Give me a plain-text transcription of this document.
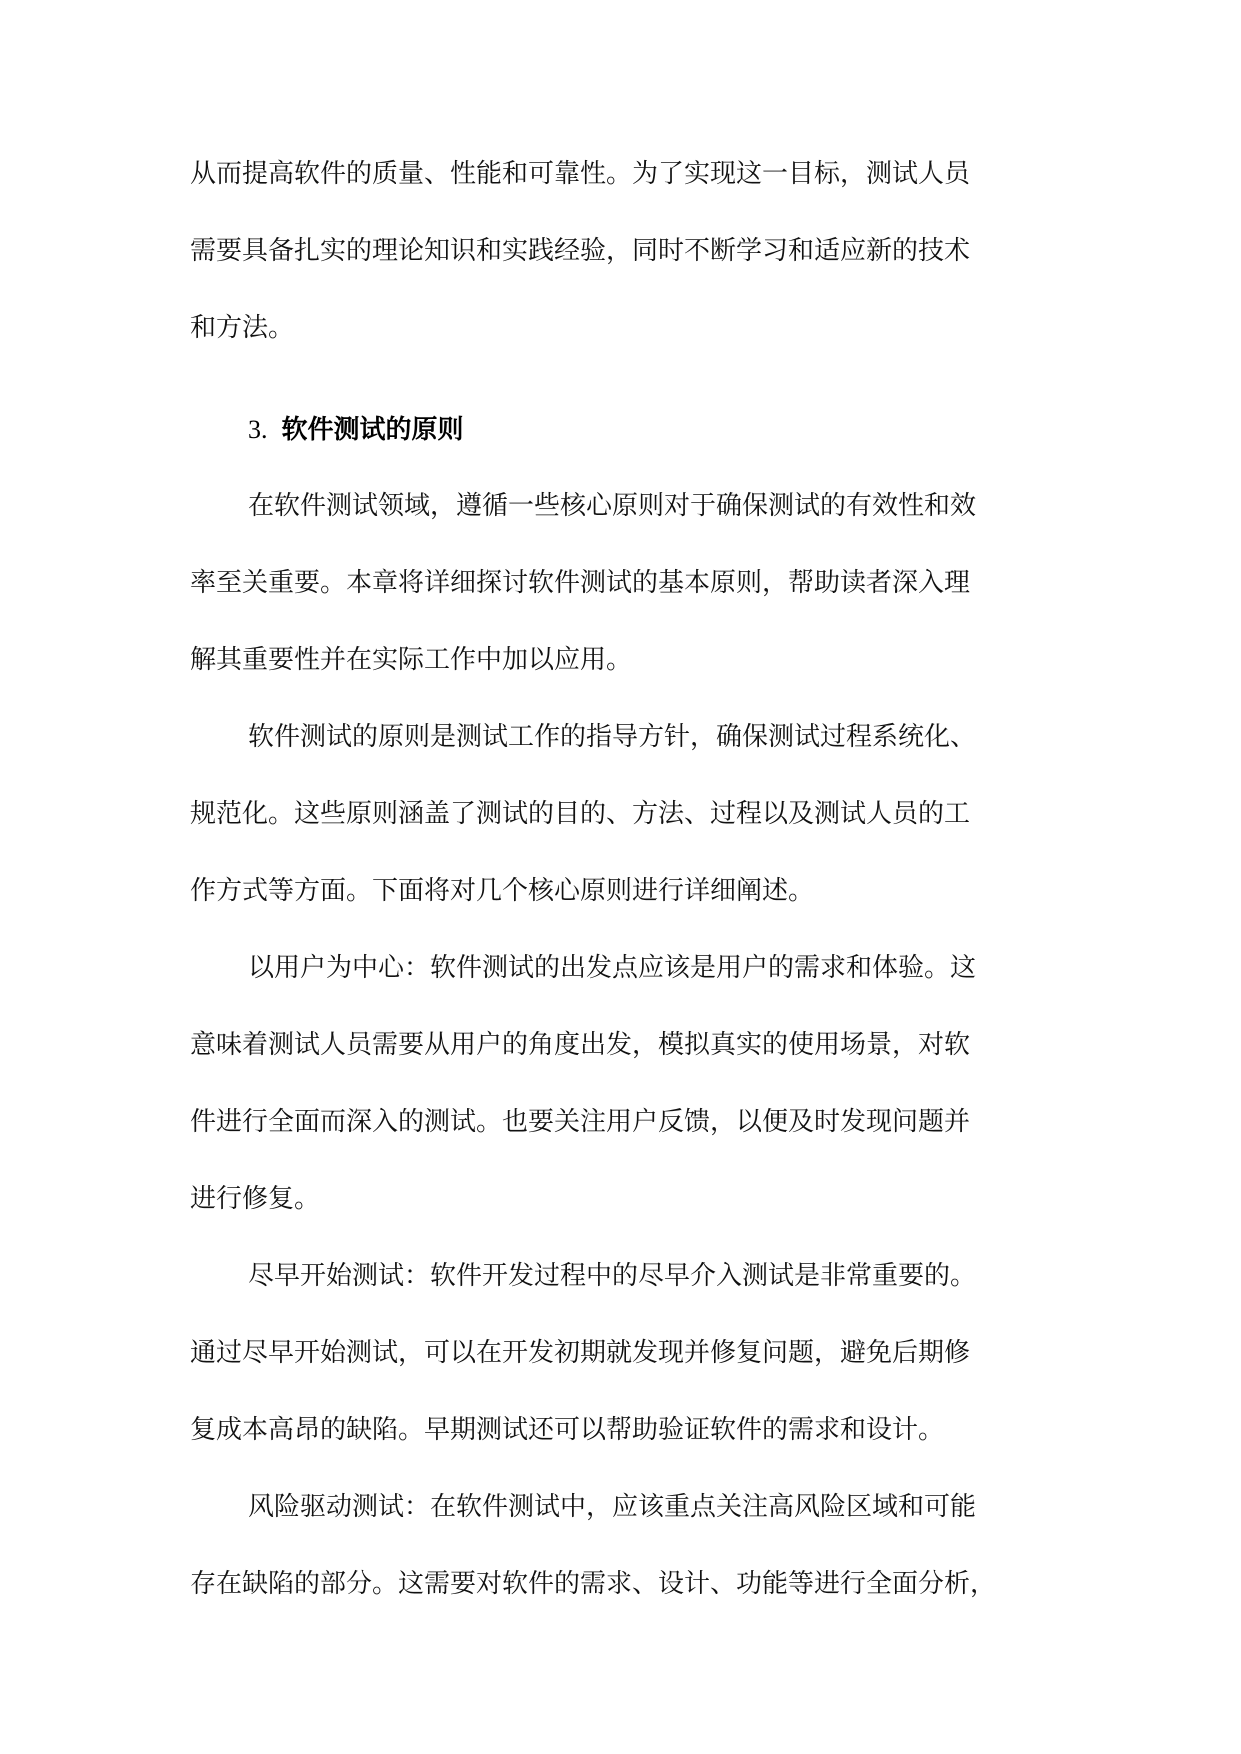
从而提高软件的质量、性能和可靠性。为了实现这一目标，测试人员
需要具备扎实的理论知识和实践经验，同时不断学习和适应新的技术
和方法。
3. 软件测试的原则
在软件测试领域，遵循一些核心原则对于确保测试的有效性和效
率至关重要。本章将详细探讨软件测试的基本原则，帮助读者深入理
解其重要性并在实际工作中加以应用。
软件测试的原则是测试工作的指导方针，确保测试过程系统化、
规范化。这些原则涵盖了测试的目的、方法、过程以及测试人员的工
作方式等方面。下面将对几个核心原则进行详细阐述。
以用户为中心：软件测试的出发点应该是用户的需求和体验。这
意味着测试人员需要从用户的角度出发，模拟真实的使用场景，对软
件进行全面而深入的测试。也要关注用户反馈，以便及时发现问题并
进行修复。
尽早开始测试：软件开发过程中的尽早介入测试是非常重要的。
通过尽早开始测试，可以在开发初期就发现并修复问题，避免后期修
复成本高昂的缺陷。早期测试还可以帮助验证软件的需求和设计。
风险驱动测试：在软件测试中，应该重点关注高风险区域和可能
存在缺陷的部分。这需要对软件的需求、设计、功能等进行全面分析，
